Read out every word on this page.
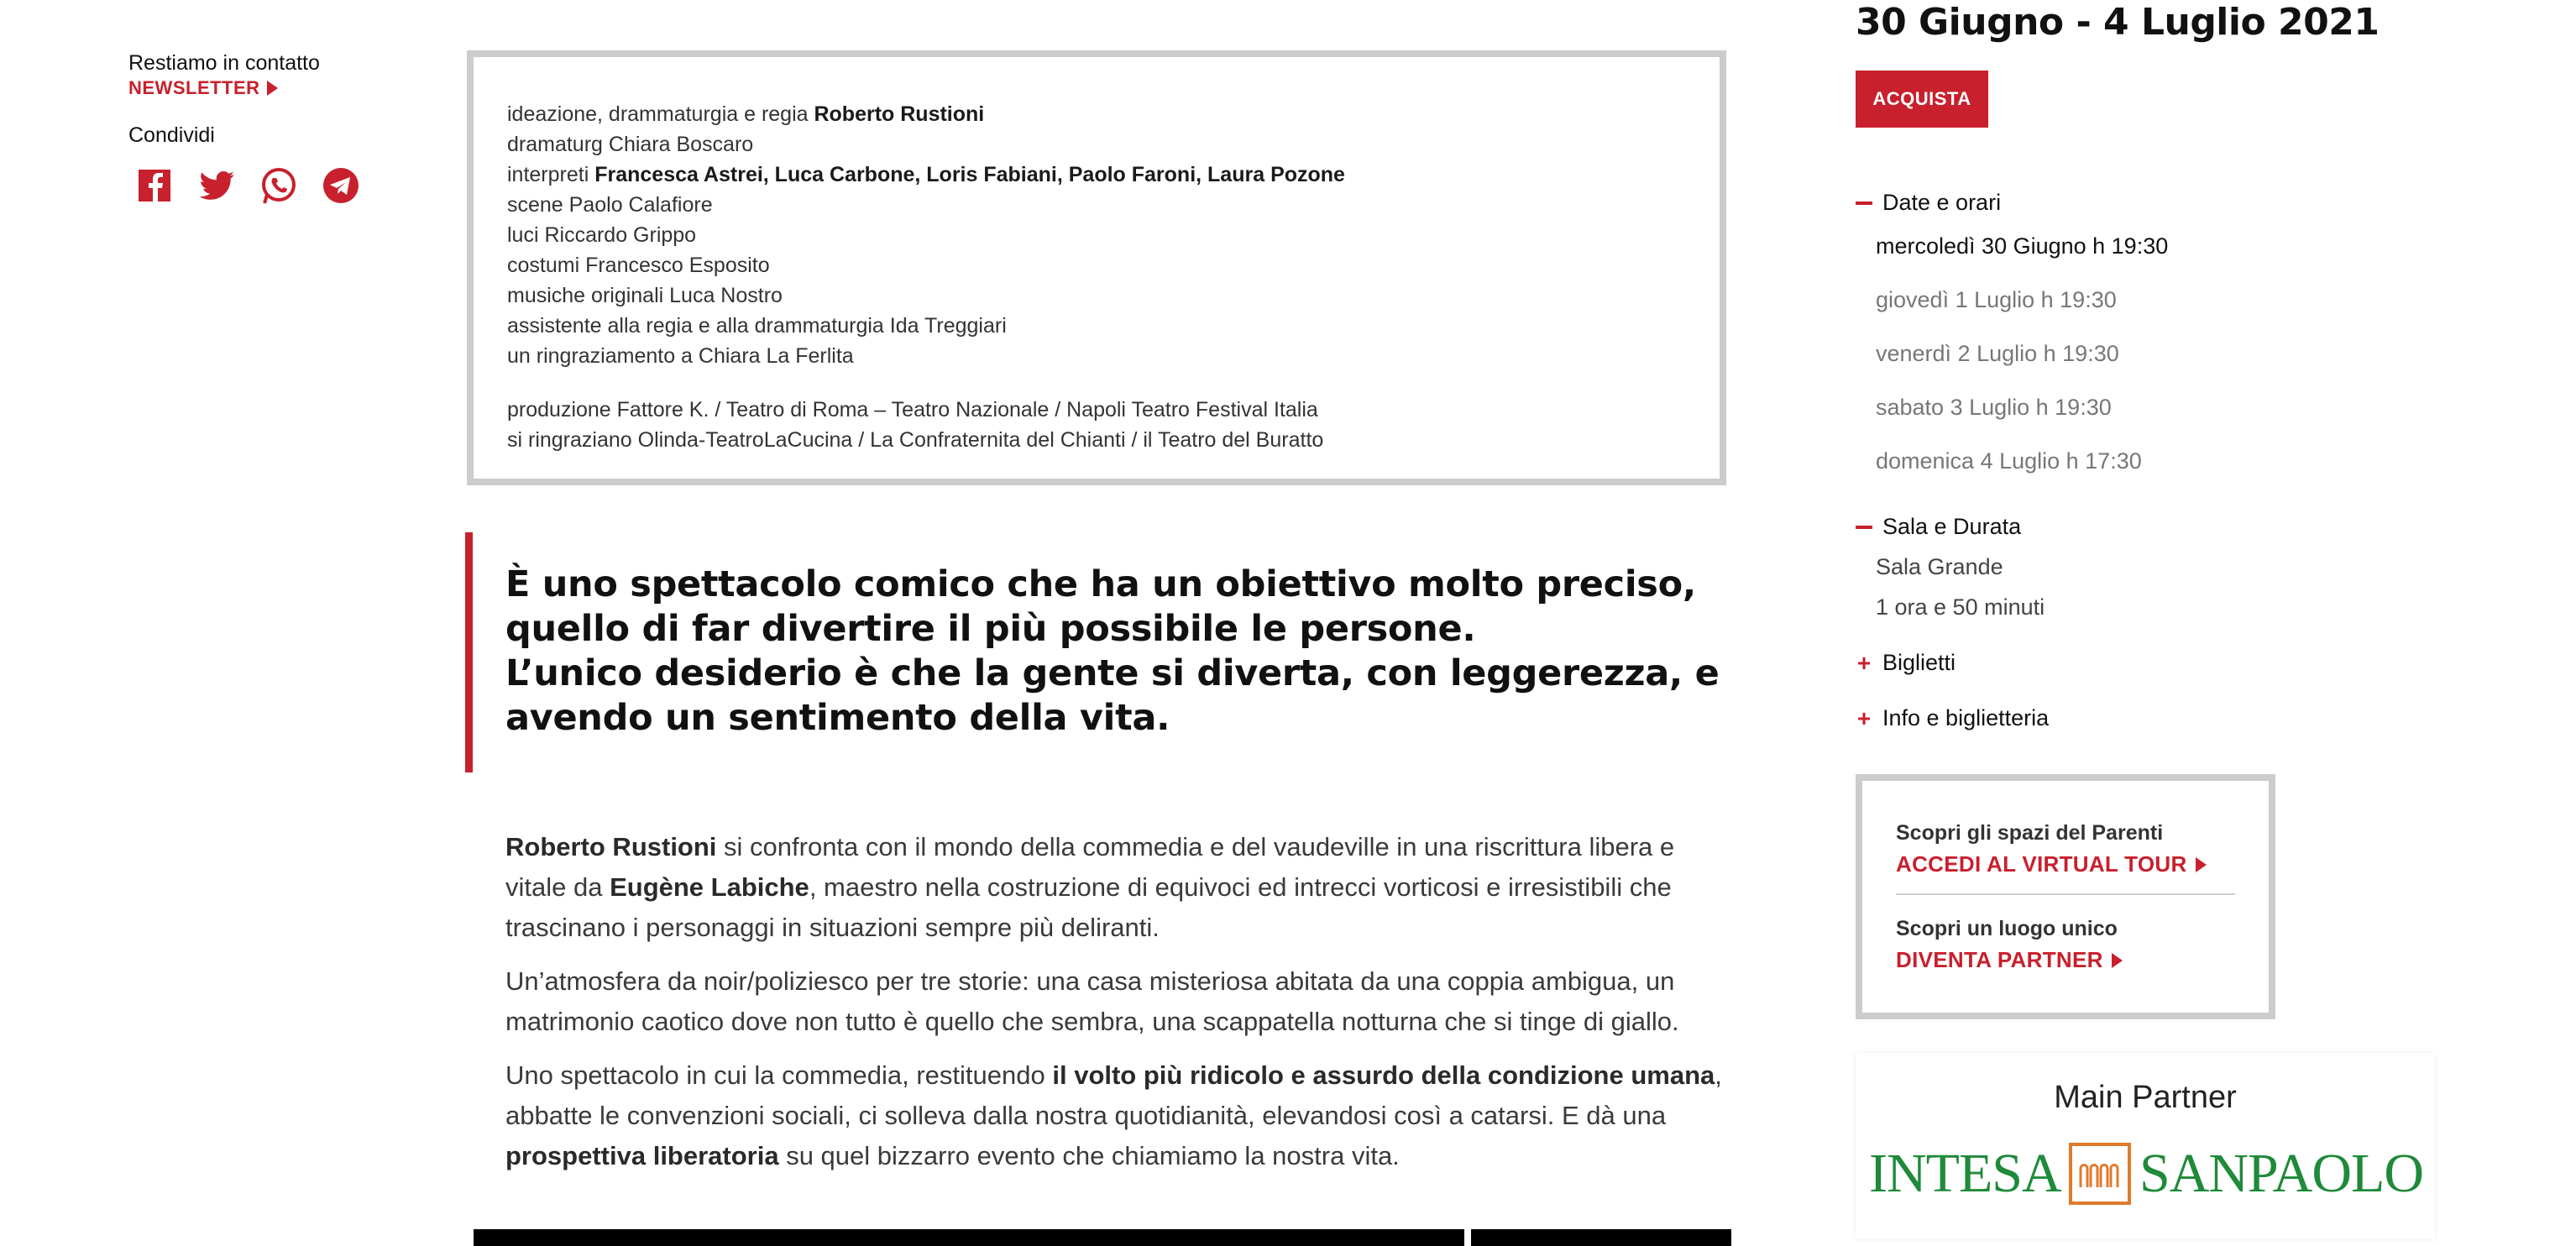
Restiamo in contatto
NEWSLETTER
Condividi
ideazione, drammaturgia e regia Roberto Rustioni
dramaturg Chiara Boscaro
interpreti Francesca Astrei, Luca Carbone, Loris Fabiani, Paolo Faroni, Laura Pozone
scene Paolo Calafiore
luci Riccardo Grippo
costumi Francesco Esposito
musiche originali Luca Nostro
assistente alla regia e alla drammaturgia Ida Treggiari
un ringraziamento a Chiara La Ferlita
produzione Fattore K. / Teatro di Roma – Teatro Nazionale / Napoli Teatro Festival Italia
si ringraziano Olinda-TeatroLaCucina / La Confraternita del Chianti / il Teatro del Buratto
È uno spettacolo comico che ha un obiettivo molto preciso,
quello di far divertire il più possibile le persone.
L’unico desiderio è che la gente si diverta, con leggerezza, e
avendo un sentimento della vita.

Roberto Rustioni si confronta con il mondo della commedia e del vaudeville in una riscrittura libera e vitale da Eugène Labiche, maestro nella costruzione di equivoci ed intrecci vorticosi e irresistibili che trascinano i personaggi in situazioni sempre più deliranti.

Un’atmosfera da noir/poliziesco per tre storie: una casa misteriosa abitata da una coppia ambigua, un matrimonio caotico dove non tutto è quello che sembra, una scappatella notturna che si tinge di giallo.

Uno spettacolo in cui la commedia, restituendo il volto più ridicolo e assurdo della condizione umana, abbatte le convenzioni sociali, ci solleva dalla nostra quotidianità, elevandosi così a catarsi. E dà una prospettiva liberatoria su quel bizzarro evento che chiamiamo la nostra vita.

30 Giugno - 4 Luglio 2021
ACQUISTA
Date e orari
mercoledì 30 Giugno h 19:30
giovedì 1 Luglio h 19:30
venerdì 2 Luglio h 19:30
sabato 3 Luglio h 19:30
domenica 4 Luglio h 17:30
Sala e Durata
Sala Grande
1 ora e 50 minuti
+ Biglietti
+ Info e biglietteria
Scopri gli spazi del Parenti
ACCEDI AL VIRTUAL TOUR
Scopri un luogo unico
DIVENTA PARTNER
Main Partner
INTESA SANPAOLO
